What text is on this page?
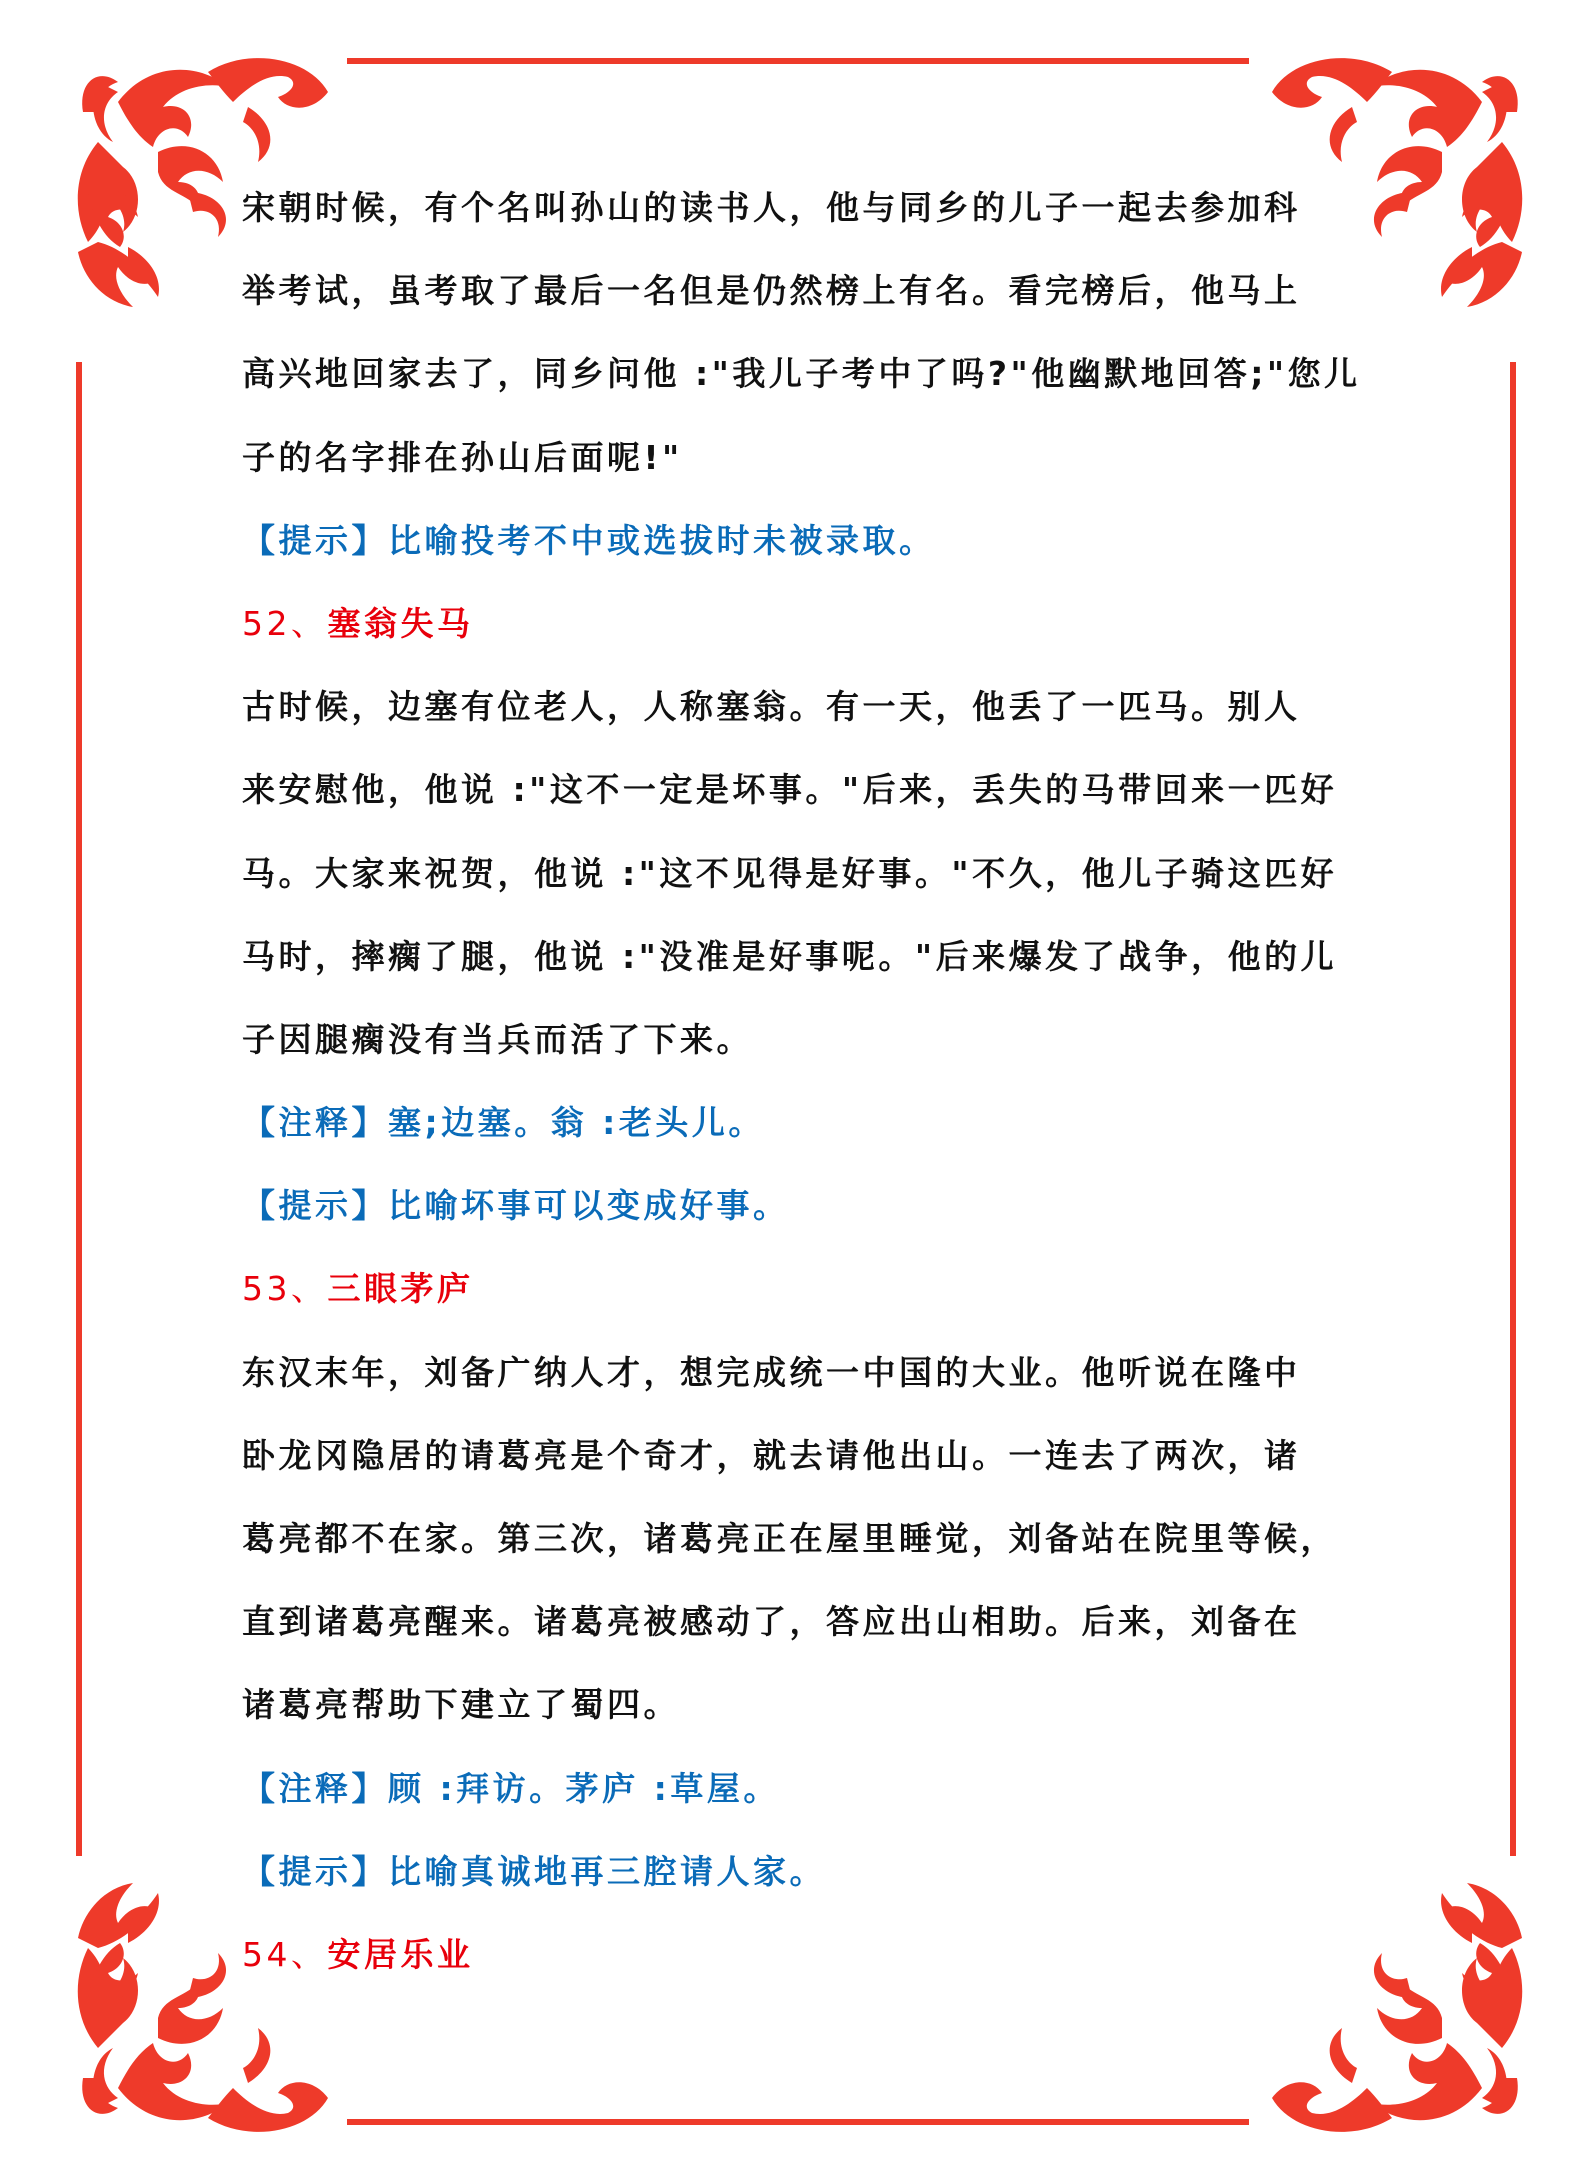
宋朝时候，有个名叫孙山的读书人，他与同乡的儿子一起去参加科
举考试，虽考取了最后一名但是仍然榜上有名。看完榜后，他马上
高兴地回家去了，同乡问他 :"我儿子考中了吗?"他幽默地回答;"您儿
子的名字排在孙山后面呢!"
【提示】比喻投考不中或选拔时未被录取。
52、塞翁失马
古时候，边塞有位老人，人称塞翁。有一天，他丢了一匹马。别人
来安慰他，他说 :"这不一定是坏事。"后来，丢失的马带回来一匹好
马。大家来祝贺，他说 :"这不见得是好事。"不久，他儿子骑这匹好
马时，摔瘸了腿，他说 :"没准是好事呢。"后来爆发了战争，他的儿
子因腿瘸没有当兵而活了下来。
【注释】塞;边塞。翁 :老头儿。
【提示】比喻坏事可以变成好事。
53、三眼茅庐
东汉末年，刘备广纳人才，想完成统一中国的大业。他听说在隆中
卧龙冈隐居的请葛亮是个奇才，就去请他出山。一连去了两次，诸
葛亮都不在家。第三次，诸葛亮正在屋里睡觉，刘备站在院里等候，
直到诸葛亮醒来。诸葛亮被感动了，答应出山相助。后来，刘备在
诸葛亮帮助下建立了蜀四。
【注释】顾 :拜访。茅庐 :草屋。
【提示】比喻真诚地再三腔请人家。
54、安居乐业
